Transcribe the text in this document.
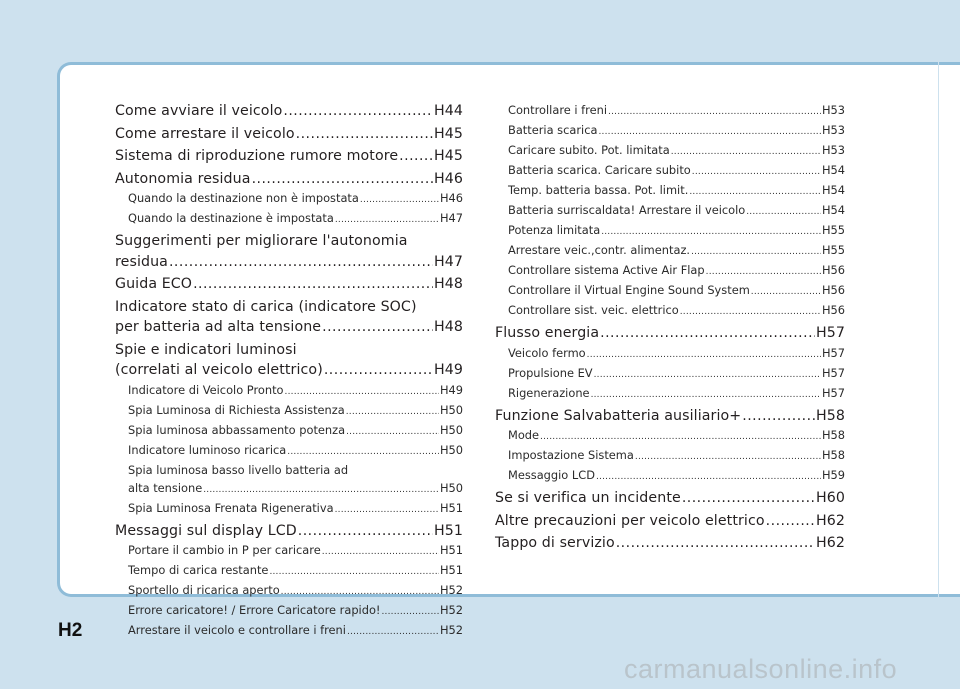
Come avviare il veicolo .....	H44
Come arrestare il veicolo .....	H45
Sistema di riproduzione rumore motore .....	H45
Autonomia residua .....	H46
Quando la destinazione non è impostata .....	H46
Quando la destinazione è impostata .....	H47
Suggerimenti per migliorare l'autonomia
residua .....	H47
Guida ECO .....	H48
Indicatore stato di carica (indicatore SOC)
per batteria ad alta tensione .....	H48
Spie e indicatori luminosi
(correlati al veicolo elettrico) .....	H49
Indicatore di Veicolo Pronto .....	H49
Spia Luminosa di Richiesta Assistenza .....	H50
Spia luminosa abbassamento potenza .....	H50
Indicatore luminoso ricarica .....	H50
Spia luminosa basso livello batteria ad
alta tensione .....	H50
Spia Luminosa Frenata Rigenerativa .....	H51
Messaggi sul display LCD .....	H51
Portare il cambio in P per caricare .....	H51
Tempo di carica restante .....	H51
Sportello di ricarica aperto .....	H52
Errore caricatore! / Errore Caricatore rapido! .....	H52
Arrestare il veicolo e controllare i freni .....	H52
Controllare i freni .....	H53
Batteria scarica .....	H53
Caricare subito. Pot. limitata .....	H53
Batteria scarica. Caricare subito .....	H54
Temp. batteria bassa. Pot. limit. .....	H54
Batteria surriscaldata! Arrestare il veicolo .....	H54
Potenza limitata .....	H55
Arrestare veic.,contr. alimentaz. .....	H55
Controllare sistema Active Air Flap .....	H56
Controllare il Virtual Engine Sound System .....	H56
Controllare sist. veic. elettrico .....	H56
Flusso energia .....	H57
Veicolo fermo .....	H57
Propulsione EV .....	H57
Rigenerazione .....	H57
Funzione Salvabatteria ausiliario+ .....	H58
Mode .....	H58
Impostazione Sistema .....	H58
Messaggio LCD .....	H59
Se si verifica un incidente .....	H60
Altre precauzioni per veicolo elettrico .....	H62
Tappo di servizio .....	H62
H2
carmanualsonline.info
